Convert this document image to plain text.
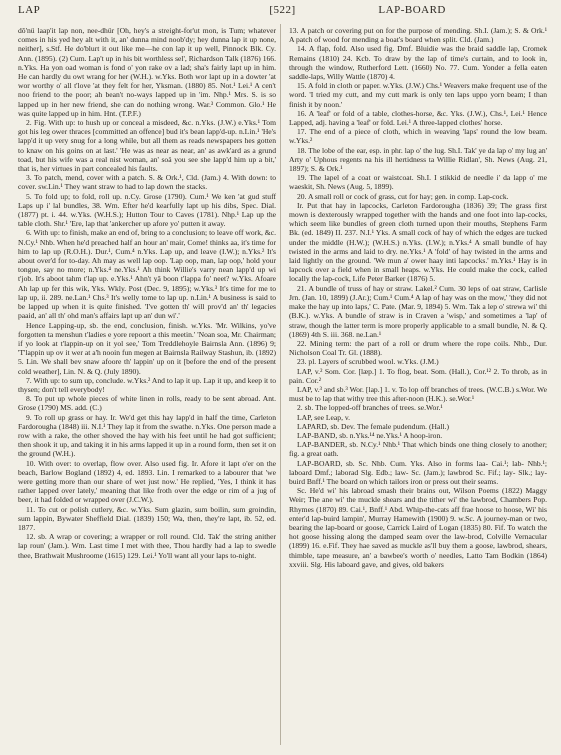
LAP	[522]	LAP-BOARD

dô'nü laap'it lap non, nee-dhür [Oh, hey's a streight-for'ut mon, is Tum; whatever comes in his yed hey alt with it, an' dunna mind noob'dy; hey dunna lap it up none, neither], s.Stf. He do'blurt it out like me—he con lap it up well, Pinnock Blk. Cy. Ann. (1895). (2) Cum. Lap't up in his bit worthless sel', Richardson Talk (1876) 166. n.Yks. Ha yon oad woman is fond o' yon rake ov a lad; sha's fairly lapt up in him. He can hardly du owt wrang for her (W.H.). w.Yks. Both wor lapt up in a dowter 'at wor worthy o' all t'love 'at they felt for her, Yksman. (1880) 85. Not.¹ Lei.¹ A cen't noo friend to the poor; ah bean't no-ways lapped up in 'im. Nhp.¹ Mrs. S. is so lapped up in her new friend, she can do nothing wrong. War.³ Common. Glo.¹ He was quite lapped up in him. Hnt. (T.P.F.)

2. Fig. With up: to hush up or conceal a misdeed, &c. n.Yks. (J.W.) e.Yks.¹ Tom got his leg ower thraces [committed an offence] bud it's bean lapp'd-up. n.Lin.¹ 'He's lapp'd it up very snug for a long while, but all them as reads newspapers hes gotten to knaw on his goins on at last.' 'He was as near as near, an' as awk'ard as a grund toad, but his wife was a real nist woman, an' soä you see she lapp'd him up a bit,' that is, her virtues in part concealed his faults.

3. To patch, mend, cover with a patch. S. & Ork.¹, Cld. (Jam.) 4. With down: to cover. sw.Lin.¹ They want straw to had to lap down the stacks.

5. To fold up; to fold, roll up. n.Cy. Grose (1790). Cum.¹ We ken 'at gud stuff Laps up i' lal bundles, 38. Wm. Efter he'd kearfully lapt up his dibs, Spec. Dial. (1877) pt. i. 44. w.Yks. (W.H.S.); Hutton Tour to Caves (1781). Nhp.¹ Lap up the table cloth. Shr.¹ 'Ere, lap that 'ankercher up afore yo' putten it away.

6. With up: to finish, make an end of, bring to a conclusion; to leave off work, &c. N.Cy.¹ Nhb. When he'd preached half an hour an' mair, Come! thinks aa, it's time for him to lap up (R.O.H.). Dur.¹, Cum.⁴ n.Yks. Lap up, and leave (I.W.); n.Yks.² It's about over'd for to-day. Ah may as well lap oop. 'Lap oop, man, lap oop,' hold your tongue, say no more; n.Yks.⁴ ne.Yks.¹ Ah think Willie's varry nean lapp'd up wi t'job. It's aboot tahm t'lap up. e.Yks.¹ Ahn't yâ boon t'lappa fo' neet? w.Yks. Afoare Ah lap up fer this wik, Yks. Wkly. Post (Dec. 9, 1895); w.Yks.³ It's time for me to lap up, ii. 289. ne.Lan.¹ Chs.³ It's welly tome to lap up. n.Lin.¹ A business is said to be lapped up when it is quite finished. 'I've gotten th' will prov'd an' th' legacies paaid, an' all th' ohd man's affairs lapt up an' dun wi'.'

Hence Lapping-up, sb. the end, conclusion, finish. w.Yks. 'Mr. Wilkins, yo've forgotten ta menshun t'ladies e yore repoort a this meetin.' 'Noan soa, Mr. Chairman; if yo look at t'lappin-up on it yol see,' Tom Treddlehoyle Bairnsla Ann. (1896) 9; 'T'lappin up ov it wer at a'h nooin fun megen at Bairnsla Railway Stashun, ib. (1892) 5. Lin. We shall bev snaw afoore th' lappin' up on it [before the end of the present cold weather], Lin. N. & Q. (July 1890).

7. With up: to sum up, conclude. w.Yks.² And to lap it up. Lap it up, and keep it to thysen; don't tell everybody!

8. To put up whole pieces of white linen in rolls, ready to be sent abroad. Ant. Grose (1790) MS. add. (C.)

9. To roll up grass or hay. Ir. We'd get this hay lapp'd in half the time, Carleton Fardorougha (1848) iii. N.I.¹ They lap it from the swathe. n.Yks. One person made a row with a rake, the other shoved the hay with his feet until he had got sufficient; then shook it up, and taking it in his arms lapped it up in a round form, then set it on the ground (W.H.).

10. With over: to overlap, flow over. Also used fig. Ir. Afore it lapt o'er on the beach, Barlow Bogland (1892) 4, ed. 1893. Lin. I remarked to a labourer that 'we were getting more than our share of wet just now.' He replied, 'Yes, I think it has rather lapped over lately,' meaning that like froth over the edge or rim of a jug of beer, it had folded or wrapped over (J.C.W.).

11. To cut or polish cutlery, &c. w.Yks. Sum glazin, sum boilin, sum groindin, sum lappin, Bywater Sheffield Dial. (1839) 150; Wa, then, they're lapt, ib. 52, ed. 1877.

12. sb. A wrap or covering; a wrapper or roll round. Cld. Tak' the string anither lap roun' (Jam.). Wm. Last time I met with thee, Thou hardly had a lap to swedle thee, Brathwait Mushroome (1615) 129. Lei.¹ Yo'll want all your laps to-night.

13. A patch or covering put on for the purpose of mending. Sh.I. (Jam.); S. & Ork.¹ A patch of wood for mending a boat's board when split. Cld. (Jam.)

14. A flap, fold. Also used fig. Dmf. Bluidie was the braid saddle lap, Cromek Remains (1810) 24. Kcb. To draw by the lap of time's curtain, and to look in, through the window, Rutherford Lett. (1660) No. 77. Cum. Yonder a fella eaten saddle-laps, Willy Wattle (1870) 4.

15. A fold in cloth or paper. w.Yks. (J.W.) Chs.¹ Weavers make frequent use of the word. 'I tried my cutt, and my cutt mark is only ten laps uppo yorn beam; I than finish it by noon.'

16. A 'leaf' or fold of a table, clothes-horse, &c. Yks. (J.W.), Chs.¹, Lei.¹ Hence Lapped, adj. having a 'leaf' or fold. Lei.¹ A three-lapped clothes' horse.

17. The end of a piece of cloth, which in weaving 'laps' round the low beam. w.Yks.²

18. The lobe of the ear, esp. in phr. lap o' the lug. Sh.I. Tak' ye da lap o' my lug an' Arty o' Uphous regents na his ill hertidness ta Willie Ridlan', Sh. News (Aug. 21, 1897); S. & Ork.¹

19. The lapel of a coat or waistcoat. Sh.I. I stikkid de needle i' da lapp o' me waeskit, Sh. News (Aug. 5, 1899).

20. A small roll or cock of grass, cut for hay; gen. in comp. Lap-cock.

Ir. Put that hay in lapcocks, Carleton Fardorougha (1836) 39; The grass first mown is dexterously wrapped together with the hands and one foot into lap-cocks, which seem like bundles of green cloth turned upon their mouths, Stephens Farm Bk. (ed. 1849) II. 237. N.I.¹ Yks. A small cock of hay of which the edges are tucked under the middle (H.W.); (W.H.S.) n.Yks. (I.W.); n.Yks.⁴ A small bundle of hay twisted in the arms and laid to dry. ne.Yks.¹ A 'fold' of hay twisted in the arms and laid lightly on the ground. 'We mun a' ower haay inti lapcocks.' m.Yks.¹ Hay is in lapcock over a field when in small heaps. w.Yks. He could make the cock, called locally the lap-cock, Life Peter Barker (1876) 5.

21. A bundle of truss of hay or straw. Lakel.² Cum. 30 leps of oat straw, Carlisle Jrn. (Jan. 10, 1899) (J.Ar.); Cum.¹ Cum.⁴ A lap of hay was on the mow,' 'they did not make the hay up into laps,' C. Pate. (Mar. 9, 1894) 5. Wm. Tak a lep o' strewa wi' thi (B.K.). w.Yks. A bundle of straw is in Craven a 'wisp,' and sometimes a 'lap' of straw, though the latter term is more properly applicable to a small bundle, N. & Q. (1869) 4th S. iii. 368. ne.Lan.¹

22. Mining term: the part of a roll or drum where the rope coils. Nhb., Dur. Nicholson Coal Tr. Gl. (1888).

23. pl. Layers of scrubbed wool. w.Yks. (J.M.)

LAP, v.² Som. Cor. [læp.] 1. To flog, beat. Som. (Hall.), Cor.¹² 2. To throb, as in pain. Cor.²

LAP, v.³ and sb.³ Wor. [lap.] 1. v. To lop off branches of trees. (W.C.B.) s.Wor. We must be to lap that withy tree this after-noon (H.K.). se.Wor.¹

2. sb. The lopped-off branches of trees. se.Wor.¹

LAP, see Leap, v.

LAPARD, sb. Dev. The female pudendum. (Hall.)

LAP-BAND, sb. n.Yks.¹⁴ ne.Yks.¹ A hoop-iron.

LAP-BANDER, sb. N.Cy.¹ Nhb.¹ That which binds one thing closely to another; fig. a great oath.

LAP-BOARD, sb. Sc. Nhb. Cum. Yks. Also in forms laa- Cai.¹; lab- Nhb.¹; laboard Dmf.; laborad Slg. Edb.; law- Sc. (Jam.); lawbrod Sc. Fif.; lay- Slk.; lay-buird Bnff.¹ The board on which tailors iron or press out their seams.

Sc. He'd wi' his labroad smash their brains out, Wilson Poems (1822) Maggy Weir; The ane wi' the muckle shears and the tither wi' the lawbrod, Chambers Pop. Rhymes (1870) 89. Cai.¹, Bnff.¹ Abd. Whip-the-cats aff frae hoose to hoose, Wi' his enter'd lap-buird lampin', Murray Hamewith (1900) 9. w.Sc. A journey-man or two, bearing the lap-board or goose, Carrick Laird of Logan (1835) 80. Fif. To watch the hot goose hissing along the damped seam over the law-brod, Colville Vernacular (1899) 16. e.Fif. They hae saved as muckle as'll buy them a goose, lawbrod, shears, thimble, tape measure, an' a bawbee's worth o' needles, Latto Tam Bodkin (1864) xxviii. Slg. His laboard gave, and gives, old bakers
